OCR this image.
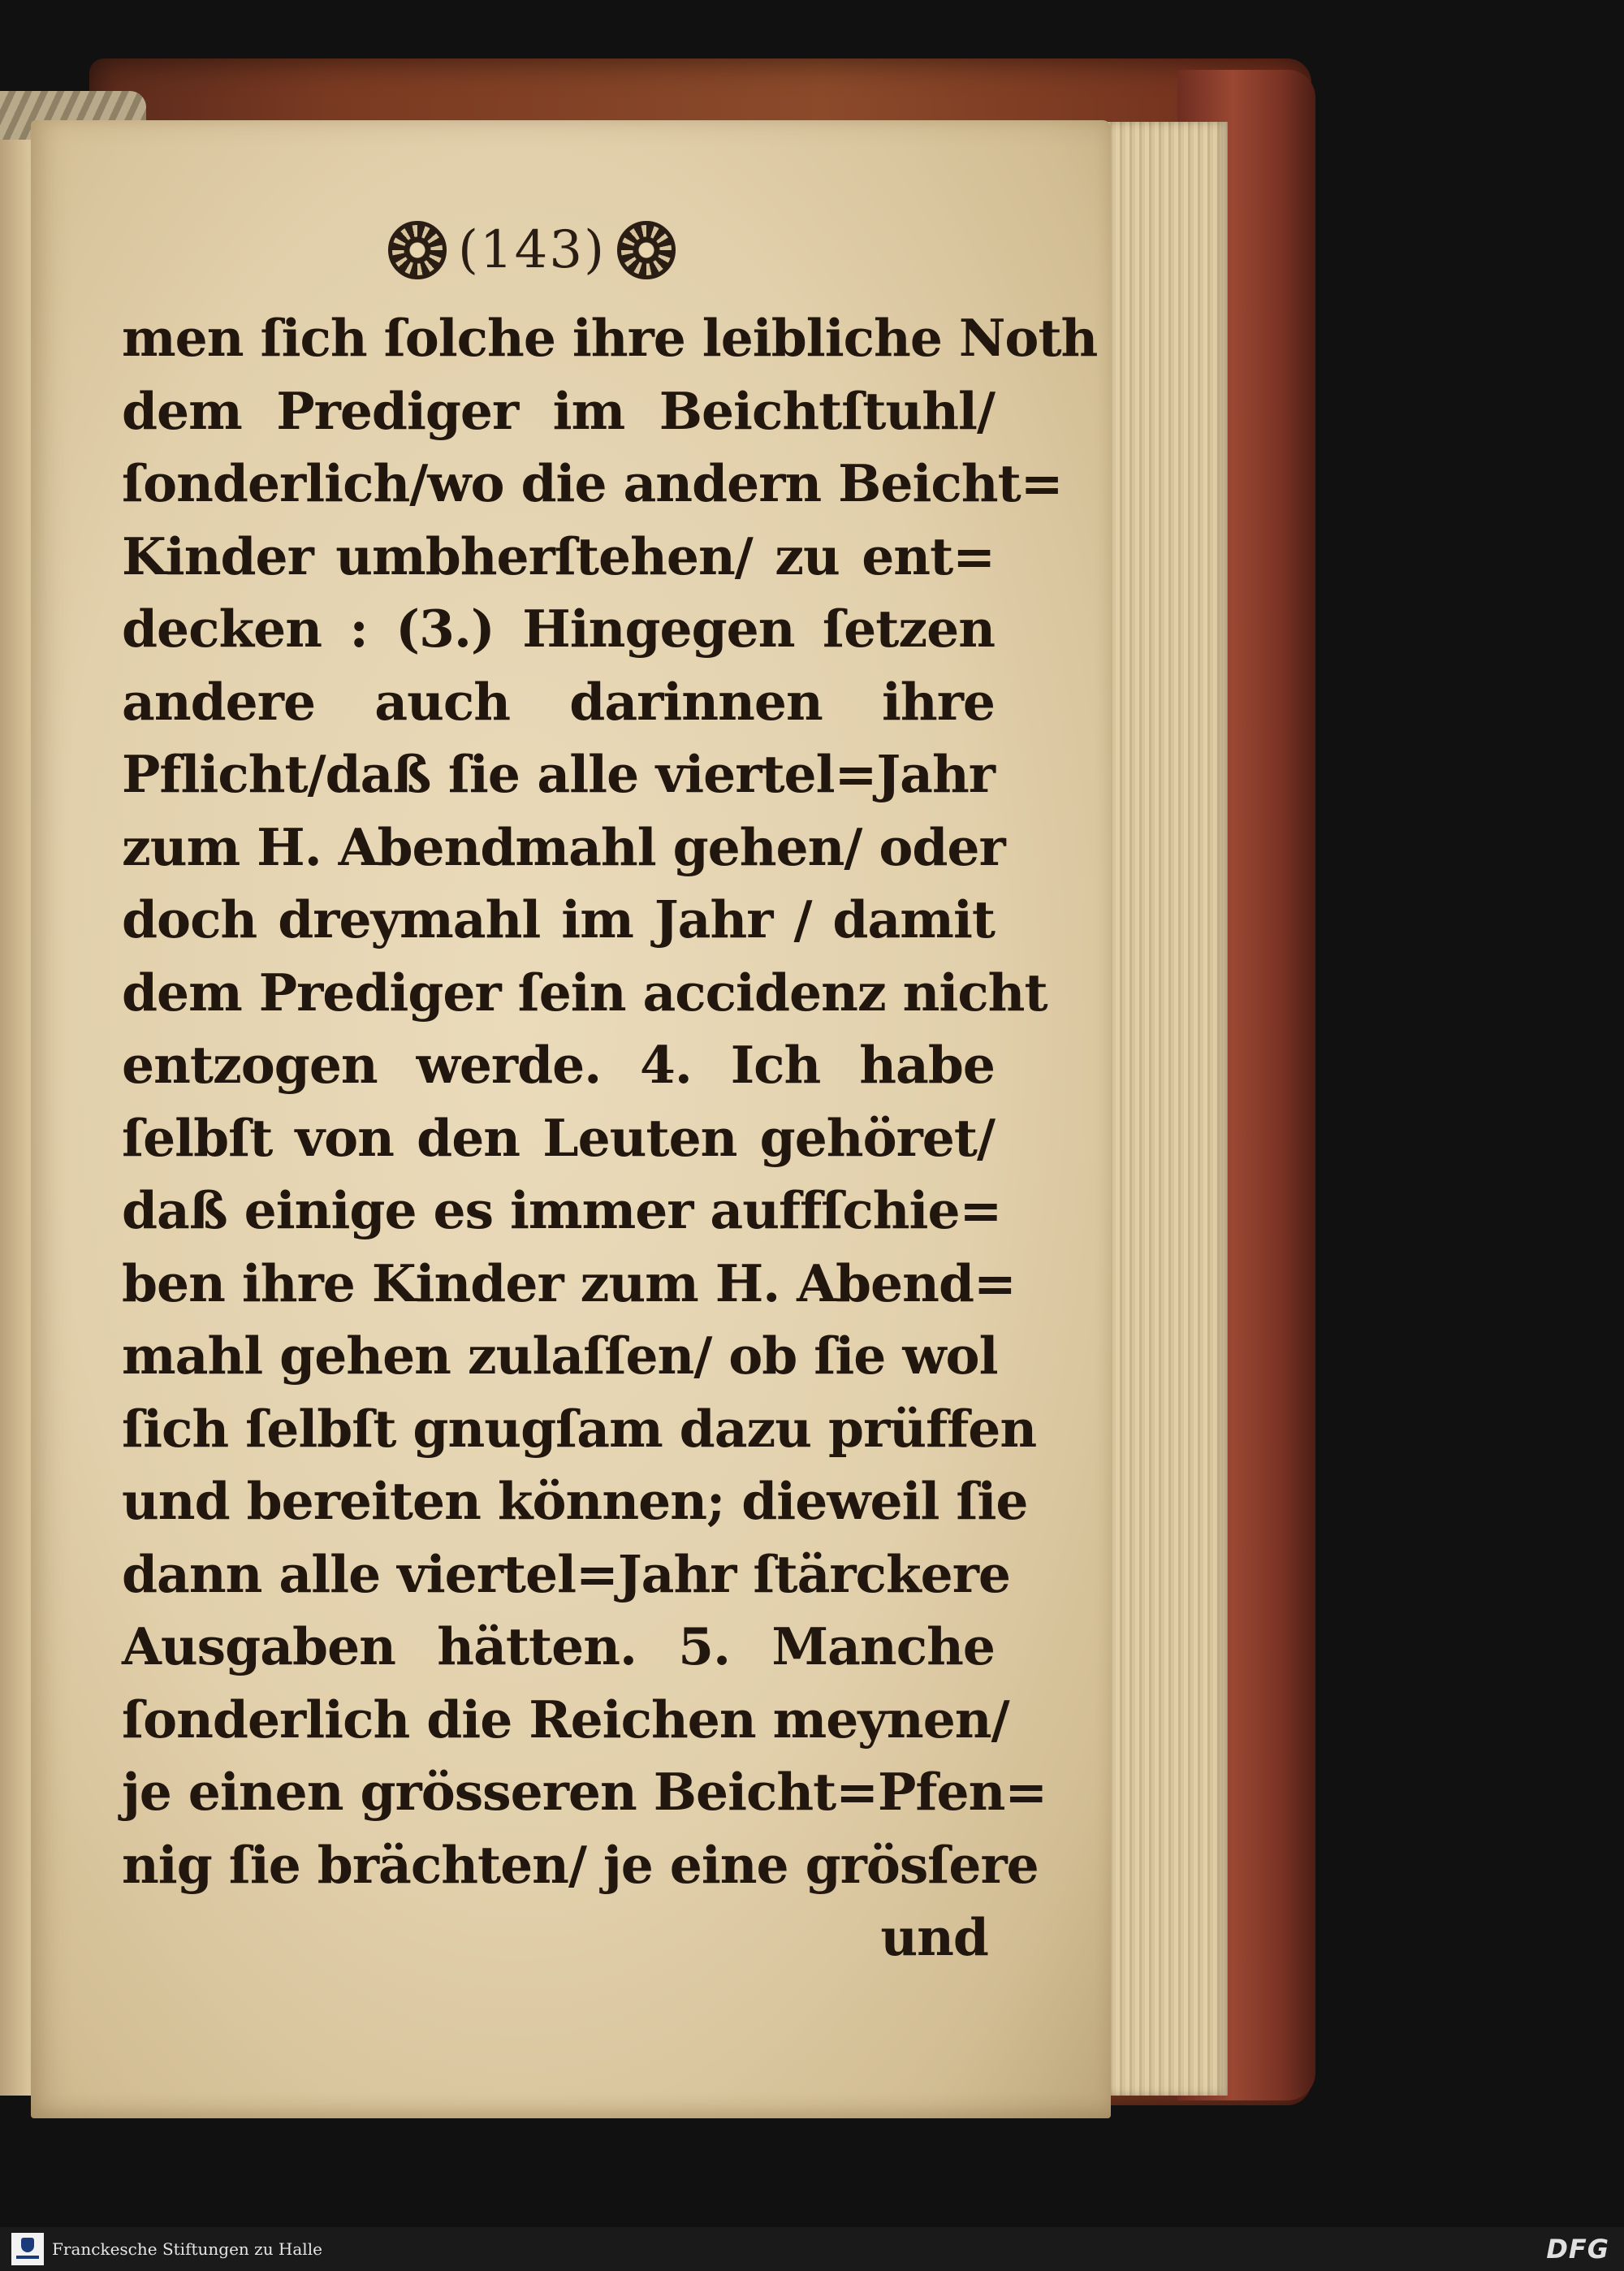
(143)
men ſich ſolche ihre leibliche Noth
dem Prediger im Beichtſtuhl/
ſonderlich/wo die andern Beicht=
Kinder umbherſtehen/ zu ent=
decken : (3.) Hingegen ſetzen
andere auch darinnen ihre
Pflicht/daß ſie alle viertel=Jahr
zum H. Abendmahl gehen/ oder
doch dreymahl im Jahr / damit
dem Prediger ſein accidenz nicht
entzogen werde. 4. Ich habe
ſelbſt von den Leuten gehöret/
daß einige es immer auffſchie=
ben ihre Kinder zum H. Abend=
mahl gehen zulaſſen/ ob ſie wol
ſich ſelbſt gnugſam dazu prüffen
und bereiten können; dieweil ſie
dann alle viertel=Jahr ſtärckere
Ausgaben hätten. 5. Manche
ſonderlich die Reichen meynen/
je einen grösseren Beicht=Pfen=
nig ſie brächten/ je eine grösſere
und
Franckesche Stiftungen zu Halle	DFG
